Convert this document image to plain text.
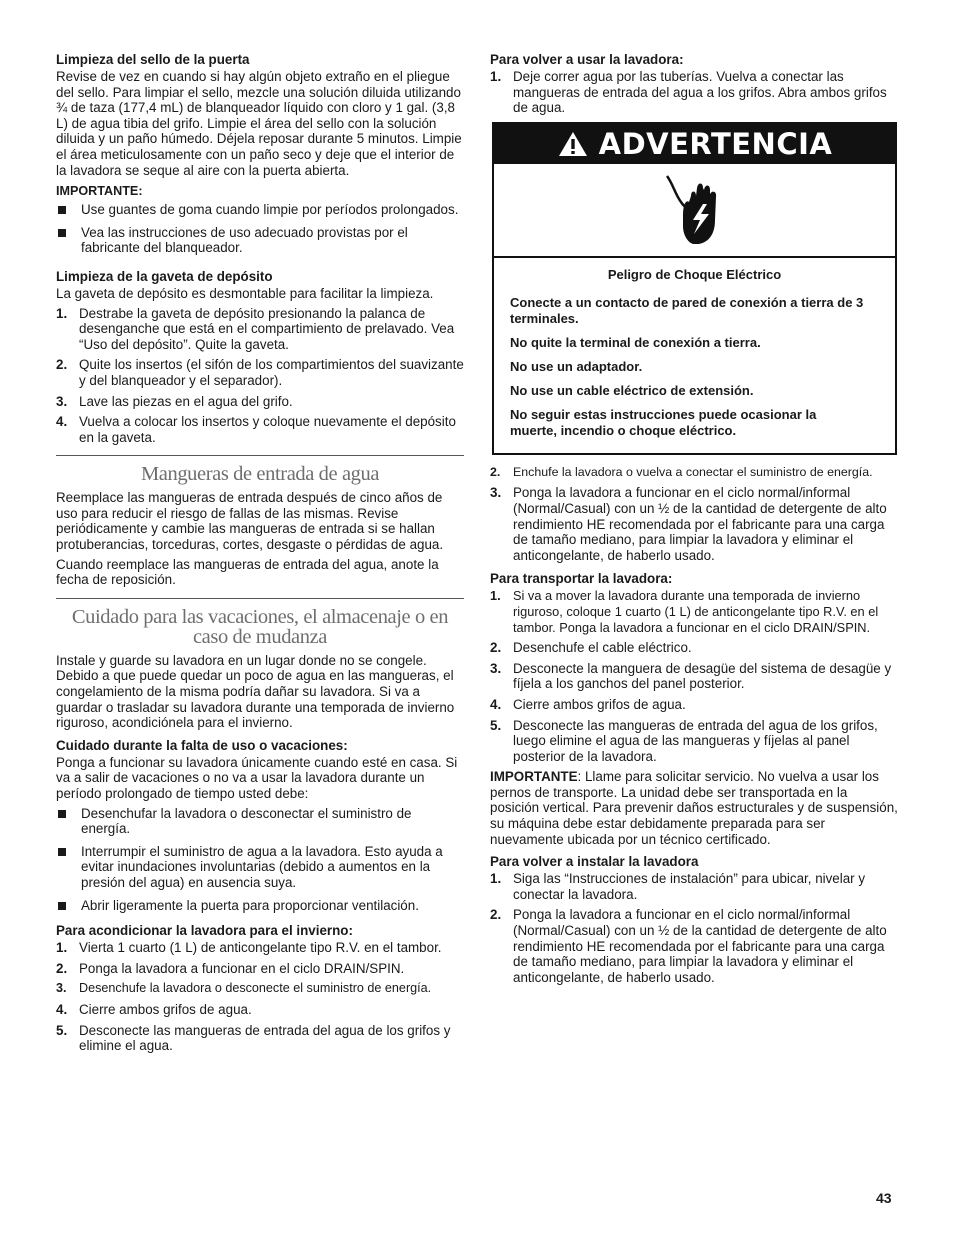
Limpieza del sello de la puerta
Revise de vez en cuando si hay algún objeto extraño en el pliegue del sello. Para limpiar el sello, mezcle una solución diluida utilizando ¾ de taza (177,4 mL) de blanqueador líquido con cloro y 1 gal. (3,8 L) de agua tibia del grifo. Limpie el área del sello con la solución diluida y un paño húmedo. Déjela reposar durante 5 minutos. Limpie el área meticulosamente con un paño seco y deje que el interior de la lavadora se seque al aire con la puerta abierta.
IMPORTANTE:
Use guantes de goma cuando limpie por períodos prolongados.
Vea las instrucciones de uso adecuado provistas por el fabricante del blanqueador.
Limpieza de la gaveta de depósito
La gaveta de depósito es desmontable para facilitar la limpieza.
1. Destrabe la gaveta de depósito presionando la palanca de desenganche que está en el compartimiento de prelavado. Vea “Uso del depósito”. Quite la gaveta.
2. Quite los insertos (el sifón de los compartimientos del suavizante y del blanqueador y el separador).
3. Lave las piezas en el agua del grifo.
4. Vuelva a colocar los insertos y coloque nuevamente el depósito en la gaveta.
Mangueras de entrada de agua
Reemplace las mangueras de entrada después de cinco años de uso para reducir el riesgo de fallas de las mismas. Revise periódicamente y cambie las mangueras de entrada si se hallan protuberancias, torceduras, cortes, desgaste o pérdidas de agua.
Cuando reemplace las mangueras de entrada del agua, anote la fecha de reposición.
Cuidado para las vacaciones, el almacenaje o en caso de mudanza
Instale y guarde su lavadora en un lugar donde no se congele. Debido a que puede quedar un poco de agua en las mangueras, el congelamiento de la misma podría dañar su lavadora. Si va a guardar o trasladar su lavadora durante una temporada de invierno riguroso, acondiciónela para el invierno.
Cuidado durante la falta de uso o vacaciones:
Ponga a funcionar su lavadora únicamente cuando esté en casa. Si va a salir de vacaciones o no va a usar la lavadora durante un período prolongado de tiempo usted debe:
Desenchufar la lavadora o desconectar el suministro de energía.
Interrumpir el suministro de agua a la lavadora. Esto ayuda a evitar inundaciones involuntarias (debido a aumentos en la presión del agua) en ausencia suya.
Abrir ligeramente la puerta para proporcionar ventilación.
Para acondicionar la lavadora para el invierno:
1. Vierta 1 cuarto (1 L) de anticongelante tipo R.V. en el tambor.
2. Ponga la lavadora a funcionar en el ciclo DRAIN/SPIN.
3. Desenchufe la lavadora o desconecte el suministro de energía.
4. Cierre ambos grifos de agua.
5. Desconecte las mangueras de entrada del agua de los grifos y elimine el agua.
Para volver a usar la lavadora:
1. Deje correr agua por las tuberías. Vuelva a conectar las mangueras de entrada del agua a los grifos. Abra ambos grifos de agua.
ADVERTENCIA
Peligro de Choque Eléctrico
Conecte a un contacto de pared de conexión a tierra de 3 terminales.
No quite la terminal de conexión a tierra.
No use un adaptador.
No use un cable eléctrico de extensión.
No seguir estas instrucciones puede ocasionar la muerte, incendio o choque eléctrico.
2.	Enchufe la lavadora o vuelva a conectar el suministro de energía.
3. Ponga la lavadora a funcionar en el ciclo normal/informal (Normal/Casual) con un ½ de la cantidad de detergente de alto rendimiento HE recomendada por el fabricante para una carga de tamaño mediano, para limpiar la lavadora y eliminar el anticongelante, de haberlo usado.
Para transportar la lavadora:
1. Si va a mover la lavadora durante una temporada de invierno riguroso, coloque 1 cuarto (1 L) de anticongelante tipo R.V. en el tambor. Ponga la lavadora a funcionar en el ciclo DRAIN/SPIN.
2. Desenchufe el cable eléctrico.
3. Desconecte la manguera de desagüe del sistema de desagüe y fíjela a los ganchos del panel posterior.
4. Cierre ambos grifos de agua.
5. Desconecte las mangueras de entrada del agua de los grifos, luego elimine el agua de las mangueras y fíjelas al panel posterior de la lavadora.
IMPORTANTE: Llame para solicitar servicio. No vuelva a usar los pernos de transporte. La unidad debe ser transportada en la posición vertical. Para prevenir daños estructurales y de suspensión, su máquina debe estar debidamente preparada para ser nuevamente ubicada por un técnico certificado.
Para volver a instalar la lavadora
1. Siga las “Instrucciones de instalación” para ubicar, nivelar y conectar la lavadora.
2. Ponga la lavadora a funcionar en el ciclo normal/informal (Normal/Casual) con un ½ de la cantidad de detergente de alto rendimiento HE recomendada por el fabricante para una carga de tamaño mediano, para limpiar la lavadora y eliminar el anticongelante, de haberlo usado.
43
